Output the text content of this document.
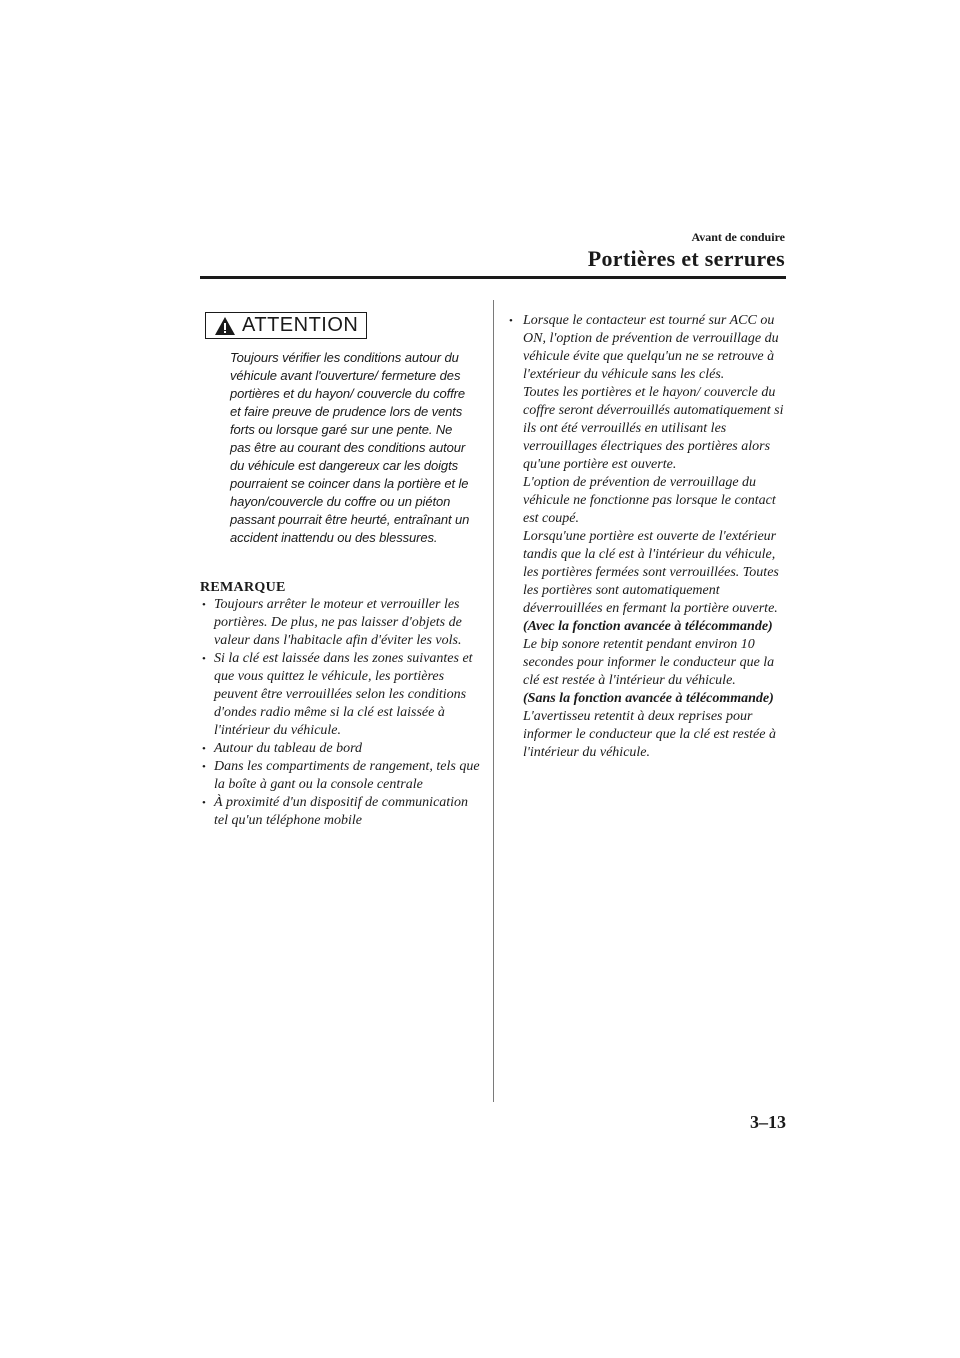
Avant de conduire
Portières et serrures
ATTENTION
Toujours vérifier les conditions autour du véhicule avant l'ouverture/ fermeture des portières et du hayon/ couvercle du coffre et faire preuve de prudence lors de vents forts ou lorsque garé sur une pente. Ne pas être au courant des conditions autour du véhicule est dangereux car les doigts pourraient se coincer dans la portière et le hayon/couvercle du coffre ou un piéton passant pourrait être heurté, entraînant un accident inattendu ou des blessures.
REMARQUE
• Toujours arrêter le moteur et verrouiller les portières. De plus, ne pas laisser d'objets de valeur dans l'habitacle afin d'éviter les vols.
• Si la clé est laissée dans les zones suivantes et que vous quittez le véhicule, les portières peuvent être verrouillées selon les conditions d'ondes radio même si la clé est laissée à l'intérieur du véhicule.
• Autour du tableau de bord
• Dans les compartiments de rangement, tels que la boîte à gant ou la console centrale
• À proximité d'un dispositif de communication tel qu'un téléphone mobile
• Lorsque le contacteur est tourné sur ACC ou ON, l'option de prévention de verrouillage du véhicule évite que quelqu'un ne se retrouve à l'extérieur du véhicule sans les clés.

Toutes les portières et le hayon/ couvercle du coffre seront déverrouillés automatiquement si ils ont été verrouillés en utilisant les verrouillages électriques des portières alors qu'une portière est ouverte.

L'option de prévention de verrouillage du véhicule ne fonctionne pas lorsque le contact est coupé.

Lorsqu'une portière est ouverte de l'extérieur tandis que la clé est à l'intérieur du véhicule, les portières fermées sont verrouillées. Toutes les portières sont automatiquement déverrouillées en fermant la portière ouverte.

(Avec la fonction avancée à télécommande)

Le bip sonore retentit pendant environ 10 secondes pour informer le conducteur que la clé est restée à l'intérieur du véhicule.

(Sans la fonction avancée à télécommande)

L'avertisseu retentit à deux reprises pour informer le conducteur que la clé est restée à l'intérieur du véhicule.

3–13
